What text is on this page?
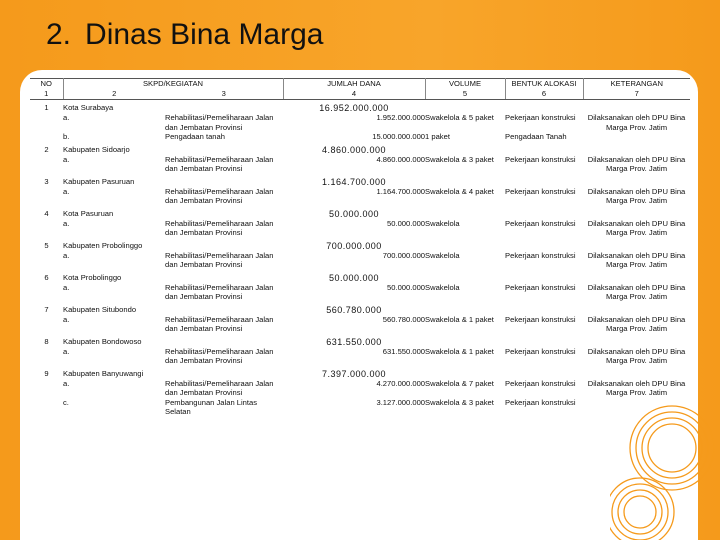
2. Dinas Bina Marga
NO	SKPD/KEGIATAN			JUMLAH DANA	VOLUME	BENTUK ALOKASI	KETERANGAN
1	2		3	4	5	6	7

1	Kota Surabaya			16.952.000.000			
	a.		Rehabilitasi/Pemeliharaan Jalan dan Jembatan Provinsi	1.952.000.000	Swakelola & 5 paket	Pekerjaan konstruksi	Dilaksanakan oleh DPU Bina Marga Prov. Jatim
	b.		Pengadaan tanah	15.000.000.000	1 paket	Pengadaan Tanah	

2	Kabupaten Sidoarjo			4.860.000.000			
	a.		Rehabilitasi/Pemeliharaan Jalan dan Jembatan Provinsi	4.860.000.000	Swakelola & 3 paket	Pekerjaan konstruksi	Dilaksanakan oleh DPU Bina Marga Prov. Jatim

3	Kabupaten Pasuruan			1.164.700.000			
	a.		Rehabilitasi/Pemeliharaan Jalan dan Jembatan Provinsi	1.164.700.000	Swakelola & 4 paket	Pekerjaan konstruksi	Dilaksanakan oleh DPU Bina Marga Prov. Jatim

4	Kota Pasuruan			50.000.000			
	a.		Rehabilitasi/Pemeliharaan Jalan dan Jembatan Provinsi	50.000.000	Swakelola	Pekerjaan konstruksi	Dilaksanakan oleh DPU Bina Marga Prov. Jatim

5	Kabupaten Probolinggo			700.000.000			
	a.		Rehabilitasi/Pemeliharaan Jalan dan Jembatan Provinsi	700.000.000	Swakelola	Pekerjaan konstruksi	Dilaksanakan oleh DPU Bina Marga Prov. Jatim

6	Kota Probolinggo			50.000.000			
	a.		Rehabilitasi/Pemeliharaan Jalan dan Jembatan Provinsi	50.000.000	Swakelola	Pekerjaan konstruksi	Dilaksanakan oleh DPU Bina Marga Prov. Jatim

7	Kabupaten Situbondo			560.780.000			
	a.		Rehabilitasi/Pemeliharaan Jalan dan Jembatan Provinsi	560.780.000	Swakelola & 1 paket	Pekerjaan konstruksi	Dilaksanakan oleh DPU Bina Marga Prov. Jatim

8	Kabupaten Bondowoso			631.550.000			
	a.		Rehabilitasi/Pemeliharaan Jalan dan Jembatan Provinsi	631.550.000	Swakelola & 1 paket	Pekerjaan konstruksi	Dilaksanakan oleh DPU Bina Marga Prov. Jatim

9	Kabupaten Banyuwangi			7.397.000.000			
	a.		Rehabilitasi/Pemeliharaan Jalan dan Jembatan Provinsi	4.270.000.000	Swakelola & 7 paket	Pekerjaan konstruksi	Dilaksanakan oleh DPU Bina Marga Prov. Jatim
	c.		Pembangunan Jalan Lintas Selatan	3.127.000.000	Swakelola & 3 paket	Pekerjaan konstruksi	
